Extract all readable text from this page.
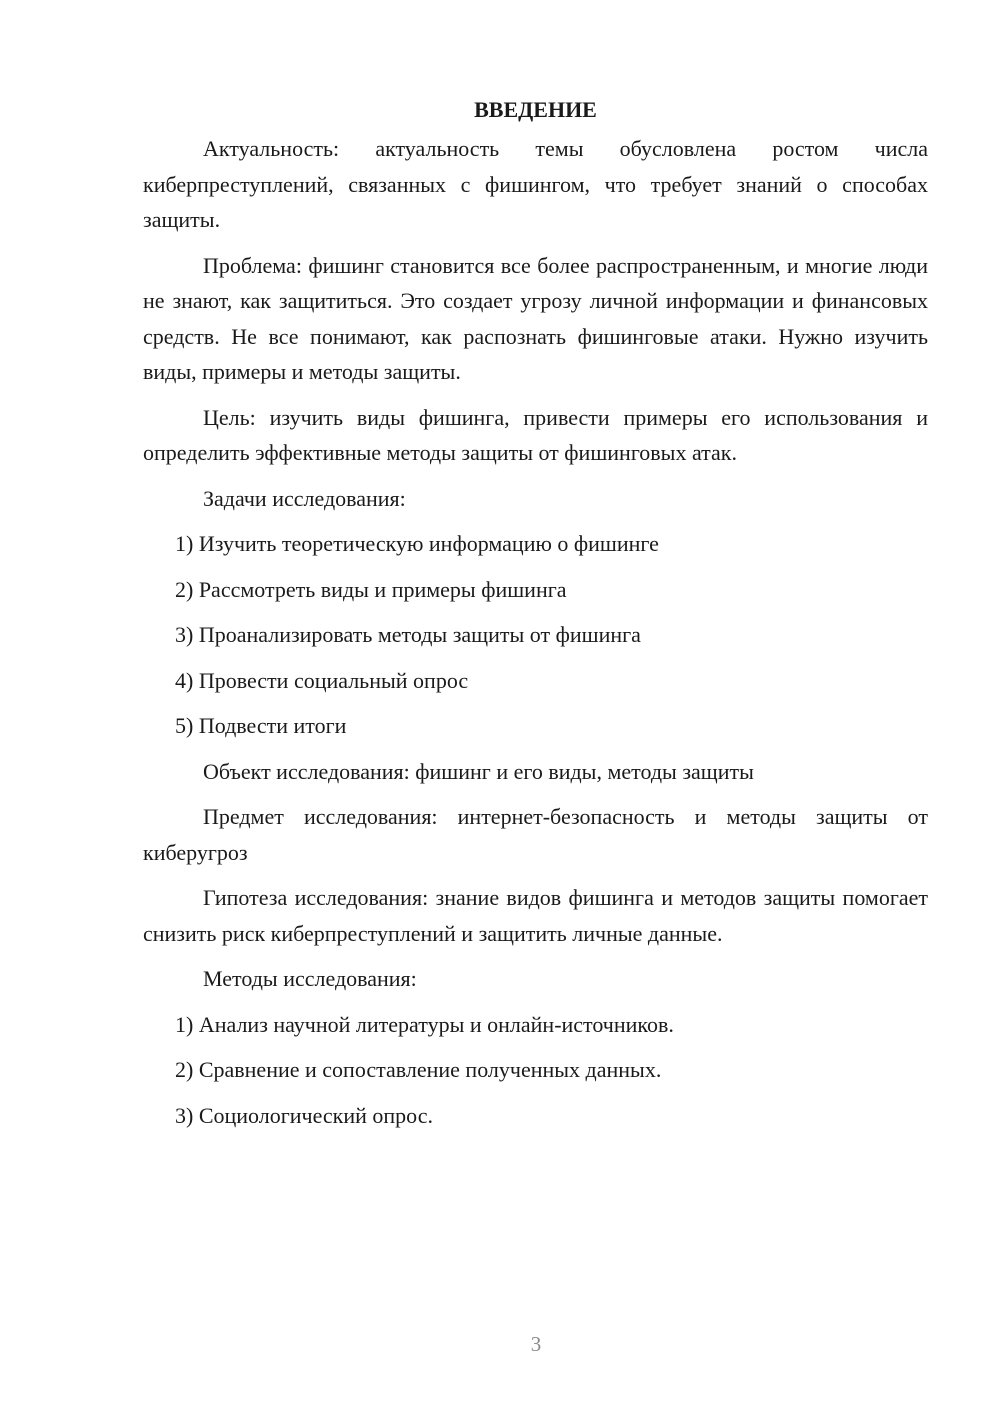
ВВЕДЕНИЕ

Актуальность: актуальность темы обусловлена ростом числа киберпреступлений, связанных с фишингом, что требует знаний о способах защиты.

Проблема: фишинг становится все более распространенным, и многие люди не знают, как защититься. Это создает угрозу личной информации и финансовых средств. Не все понимают, как распознать фишинговые атаки. Нужно изучить виды, примеры и методы защиты.

Цель: изучить виды фишинга, привести примеры его использования и определить эффективные методы защиты от фишинговых атак.

Задачи исследования:

1) Изучить теоретическую информацию о фишинге
2) Рассмотреть виды и примеры фишинга
3) Проанализировать методы защиты от фишинга
4) Провести социальный опрос
5) Подвести итоги

Объект исследования: фишинг и его виды, методы защиты

Предмет исследования: интернет-безопасность и методы защиты от киберугроз

Гипотеза исследования: знание видов фишинга и методов защиты помогает снизить риск киберпреступлений и защитить личные данные.

Методы исследования:

1) Анализ научной литературы и онлайн-источников.
2) Сравнение и сопоставление полученных данных.
3) Социологический опрос.
3
